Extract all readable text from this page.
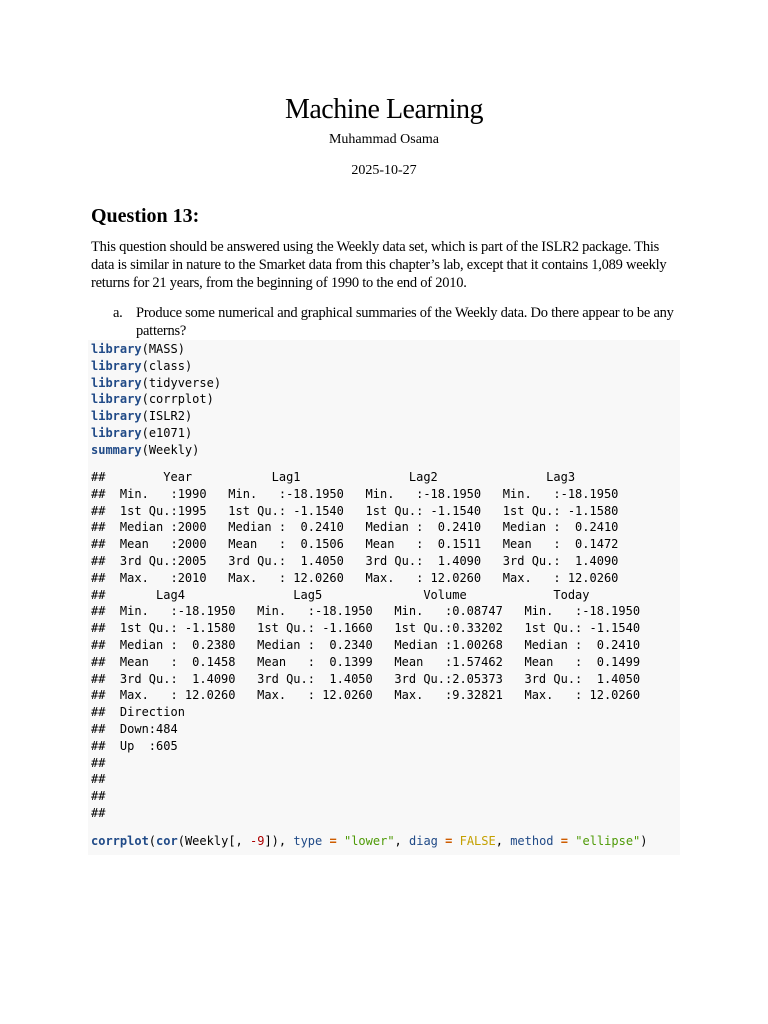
Machine Learning
Muhammad Osama
2025-10-27
Question 13:
This question should be answered using the Weekly data set, which is part of the ISLR2 package. This data is similar in nature to the Smarket data from this chapter’s lab, except that it contains 1,089 weekly returns for 21 years, from the beginning of 1990 to the end of 2010.
a. Produce some numerical and graphical summaries of the Weekly data. Do there appear to be any patterns?
library(MASS)
library(class)
library(tidyverse)
library(corrplot)
library(ISLR2)
library(e1071)
summary(Weekly)
##        Year           Lag1               Lag2               Lag3
##  Min.   :1990   Min.   :-18.1950   Min.   :-18.1950   Min.   :-18.1950
##  1st Qu.:1995   1st Qu.: -1.1540   1st Qu.: -1.1540   1st Qu.: -1.1580
##  Median :2000   Median :  0.2410   Median :  0.2410   Median :  0.2410
##  Mean   :2000   Mean   :  0.1506   Mean   :  0.1511   Mean   :  0.1472
##  3rd Qu.:2005   3rd Qu.:  1.4050   3rd Qu.:  1.4090   3rd Qu.:  1.4090
##  Max.   :2010   Max.   : 12.0260   Max.   : 12.0260   Max.   : 12.0260
##       Lag4               Lag5              Volume            Today
##  Min.   :-18.1950   Min.   :-18.1950   Min.   :0.08747   Min.   :-18.1950
##  1st Qu.: -1.1580   1st Qu.: -1.1660   1st Qu.:0.33202   1st Qu.: -1.1540
##  Median :  0.2380   Median :  0.2340   Median :1.00268   Median :  0.2410
##  Mean   :  0.1458   Mean   :  0.1399   Mean   :1.57462   Mean   :  0.1499
##  3rd Qu.:  1.4090   3rd Qu.:  1.4050   3rd Qu.:2.05373   3rd Qu.:  1.4050
##  Max.   : 12.0260   Max.   : 12.0260   Max.   :9.32821   Max.   : 12.0260
##  Direction
##  Down:484
##  Up  :605
##
##
##
##
corrplot(cor(Weekly[, -9]), type = "lower", diag = FALSE, method = "ellipse")
